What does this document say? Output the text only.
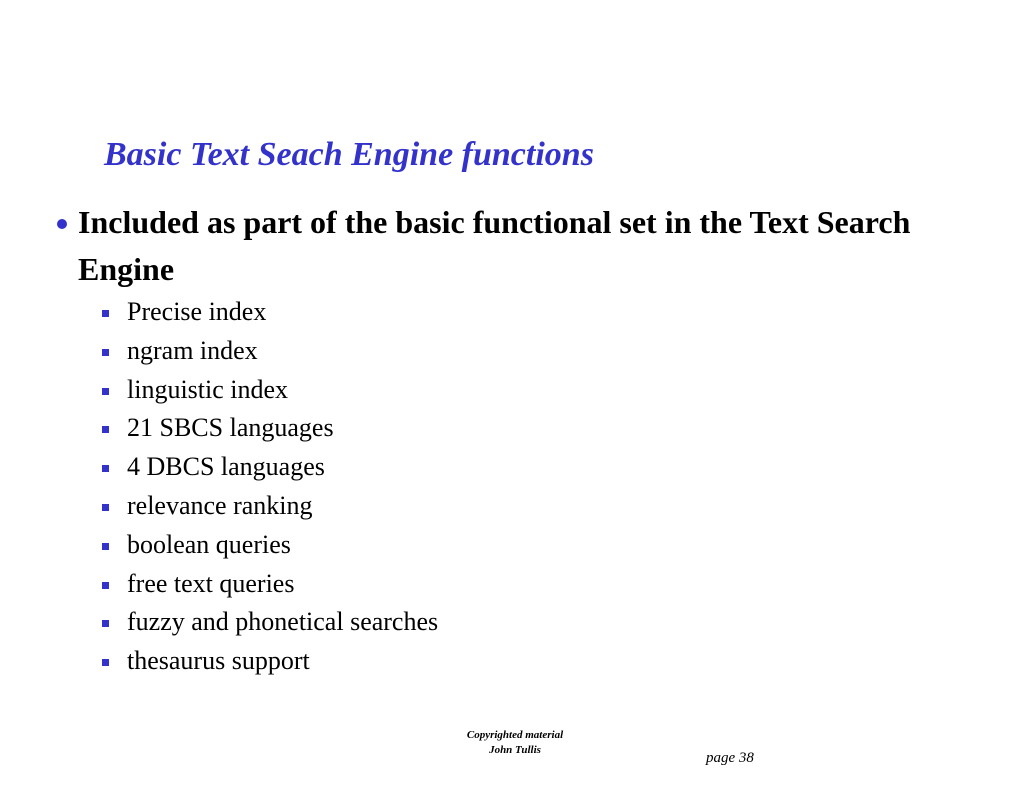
Basic Text Seach Engine functions
Included as part of the basic functional set in the Text Search Engine
Precise index
ngram index
linguistic index
21 SBCS languages
4 DBCS languages
relevance ranking
boolean queries
free text queries
fuzzy and phonetical searches
thesaurus support
Copyrighted material
John Tullis	page 38
